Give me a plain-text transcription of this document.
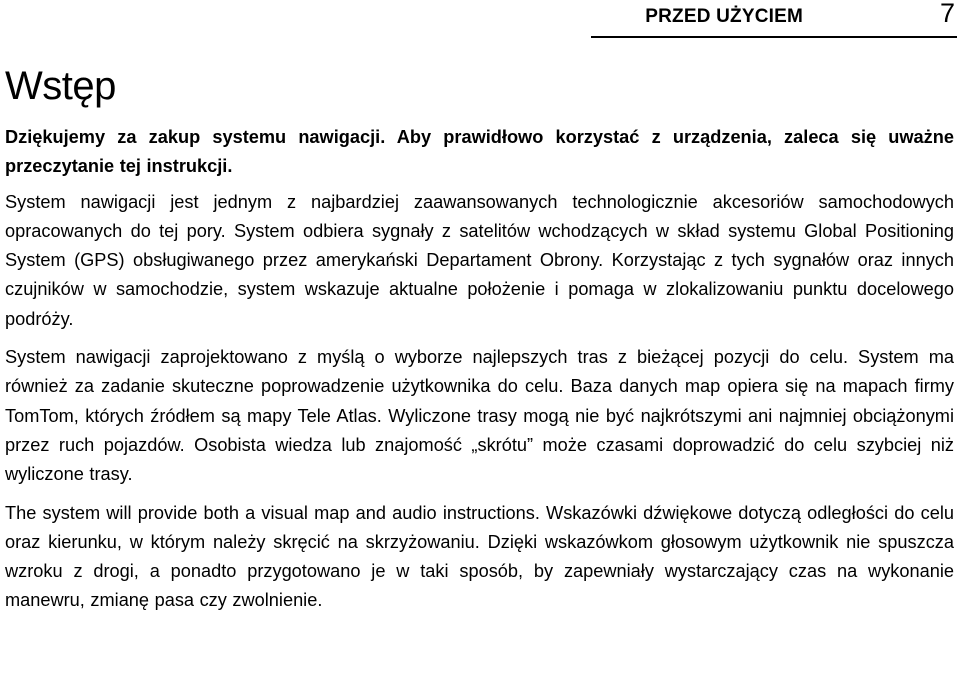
PRZED UŻYCIEM	7
Wstęp

Dziękujemy za zakup systemu nawigacji. Aby prawidłowo korzystać z urządzenia, zaleca się uważne przeczytanie tej instrukcji.

System nawigacji jest jednym z najbardziej zaawansowanych technologicznie akcesoriów samochodowych opracowanych do tej pory. System odbiera sygnały z satelitów wchodzących w skład systemu Global Positioning System (GPS) obsługiwanego przez amerykański Departament Obrony. Korzystając z tych sygnałów oraz innych czujników w samochodzie, system wskazuje aktualne położenie i pomaga w zlokalizowaniu punktu docelowego podróży.

System nawigacji zaprojektowano z myślą o wyborze najlepszych tras z bieżącej pozycji do celu. System ma również za zadanie skuteczne poprowadzenie użytkownika do celu. Baza danych map opiera się na mapach firmy TomTom, których źródłem są mapy Tele Atlas. Wyliczone trasy mogą nie być najkrótszymi ani najmniej obciążonymi przez ruch pojazdów. Osobista wiedza lub znajomość „skrótu” może czasami doprowadzić do celu szybciej niż wyliczone trasy.

The system will provide both a visual map and audio instructions. Wskazówki dźwiękowe dotyczą odległości do celu oraz kierunku, w którym należy skręcić na skrzyżowaniu. Dzięki wskazówkom głosowym użytkownik nie spuszcza wzroku z drogi, a ponadto przygotowano je w taki sposób, by zapewniały wystarczający czas na wykonanie manewru, zmianę pasa czy zwolnienie.
